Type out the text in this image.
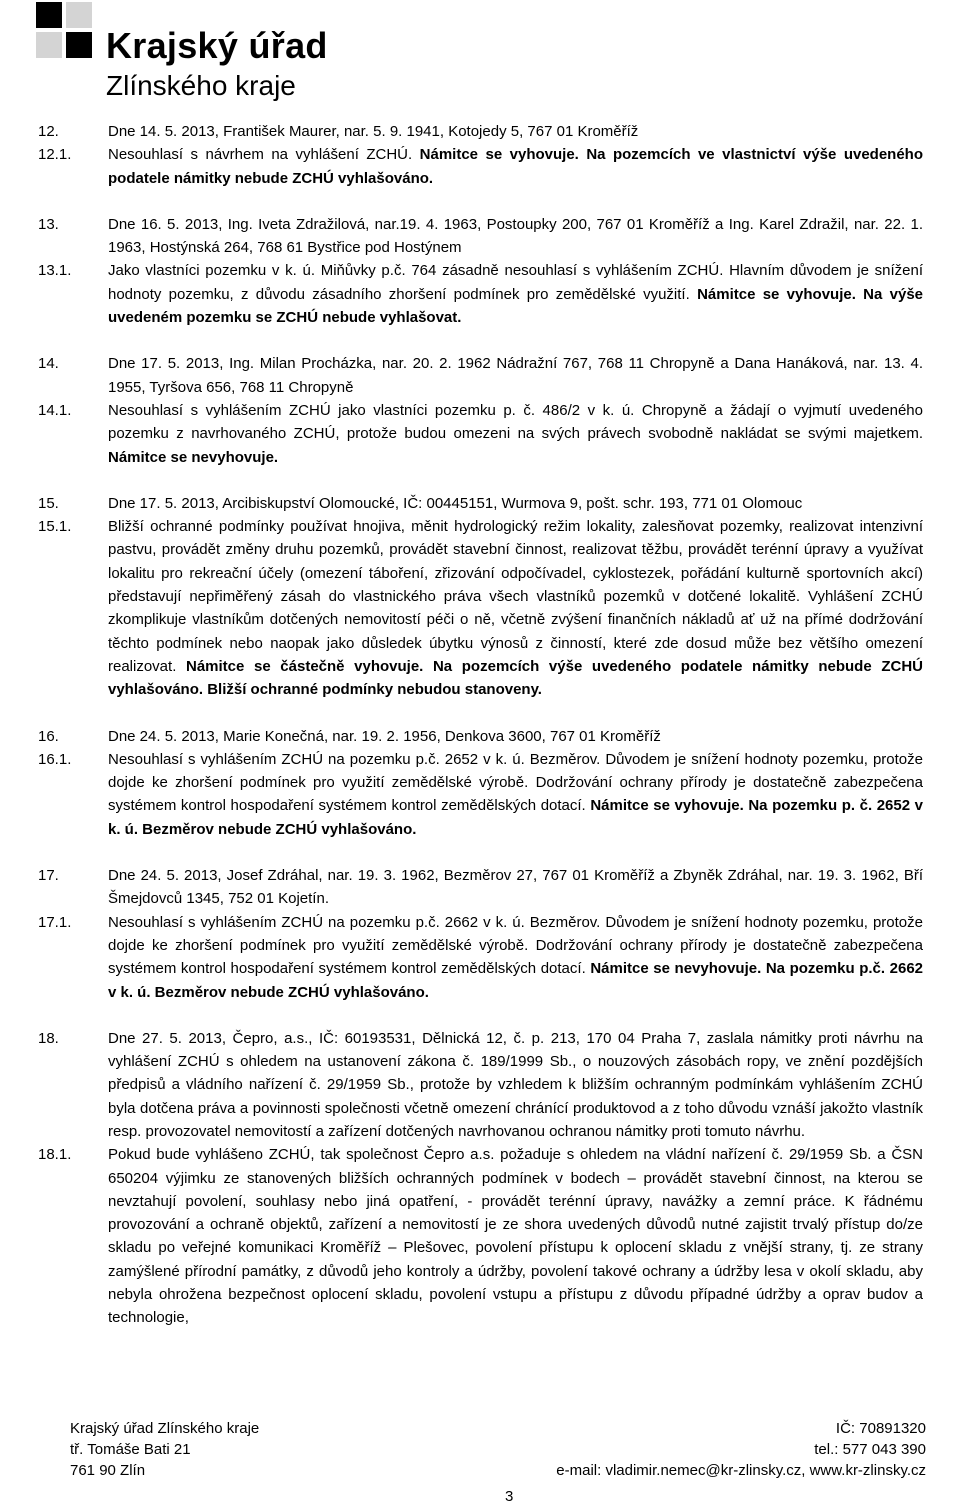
Krajský úřad
Zlínského kraje
12.	Dne 14. 5. 2013, František Maurer, nar. 5. 9. 1941, Kotojedy 5, 767 01 Kroměříž
12.1. Nesouhlasí s návrhem na vyhlášení ZCHÚ. Námitce se vyhovuje. Na pozemcích ve vlastnictví výše uvedeného podatele námitky nebude ZCHÚ vyhlašováno.
13.	Dne 16. 5. 2013, Ing. Iveta Zdražilová, nar.19. 4. 1963, Postoupky 200, 767 01 Kroměříž a Ing. Karel Zdražil, nar. 22. 1. 1963, Hostýnská 264, 768 61 Bystřice pod Hostýnem
13.1. Jako vlastníci pozemku v k. ú. Miňůvky p.č. 764 zásadně nesouhlasí s vyhlášením ZCHÚ. Hlavním důvodem je snížení hodnoty pozemku, z důvodu zásadního zhoršení podmínek pro zemědělské využití. Námitce se vyhovuje. Na výše uvedeném pozemku se ZCHÚ nebude vyhlašovat.
14.	Dne 17. 5. 2013, Ing. Milan Procházka, nar. 20. 2. 1962 Nádražní 767, 768 11 Chropyně a Dana Hanáková, nar. 13. 4. 1955, Tyršova 656, 768 11 Chropyně
14.1. Nesouhlasí s vyhlášením ZCHÚ jako vlastníci pozemku p. č. 486/2 v k. ú. Chropyně a žádají o vyjmutí uvedeného pozemku z navrhovaného ZCHÚ, protože budou omezeni na svých právech svobodně nakládat se svými majetkem. Námitce se nevyhovuje.
15.	Dne 17. 5. 2013, Arcibiskupství Olomoucké, IČ: 00445151, Wurmova 9, pošt. schr. 193, 771 01 Olomouc
15.1. Bližší ochranné podmínky používat hnojiva, měnit hydrologický režim lokality, zalesňovat pozemky, realizovat intenzivní pastvu, provádět změny druhu pozemků, provádět stavební činnost, realizovat těžbu, provádět terénní úpravy a využívat lokalitu pro rekreační účely (omezení táboření, zřizování odpočívadel, cyklostezek, pořádání kulturně sportovních akcí) představují nepřiměřený zásah do vlastnického práva všech vlastníků pozemků v dotčené lokalitě. Vyhlášení ZCHÚ zkomplikuje vlastníkům dotčených nemovitostí péči o ně, včetně zvýšení finančních nákladů ať už na přímé dodržování těchto podmínek nebo naopak jako důsledek úbytku výnosů z činností, které zde dosud může bez většího omezení realizovat. Námitce se částečně vyhovuje. Na pozemcích výše uvedeného podatele námitky nebude ZCHÚ vyhlašováno. Bližší ochranné podmínky nebudou stanoveny.
16.	Dne 24. 5. 2013, Marie Konečná, nar. 19. 2. 1956, Denkova 3600, 767 01 Kroměříž
16.1. Nesouhlasí s vyhlášením ZCHÚ na pozemku p.č. 2652 v k. ú. Bezměrov. Důvodem je snížení hodnoty pozemku, protože dojde ke zhoršení podmínek pro využití zemědělské výrobě. Dodržování ochrany přírody je dostatečně zabezpečena systémem kontrol hospodaření systémem kontrol zemědělských dotací. Námitce se vyhovuje. Na pozemku p. č. 2652 v k. ú. Bezměrov nebude ZCHÚ vyhlašováno.
17.	Dne 24. 5. 2013, Josef Zdráhal, nar. 19. 3. 1962, Bezměrov 27, 767 01 Kroměříž a Zbyněk Zdráhal, nar. 19. 3. 1962, Bří Šmejdovců 1345, 752 01 Kojetín.
17.1. Nesouhlasí s vyhlášením ZCHÚ na pozemku p.č. 2662 v k. ú. Bezměrov. Důvodem je snížení hodnoty pozemku, protože dojde ke zhoršení podmínek pro využití zemědělské výrobě. Dodržování ochrany přírody je dostatečně zabezpečena systémem kontrol hospodaření systémem kontrol zemědělských dotací. Námitce se nevyhovuje. Na pozemku p.č. 2662 v k. ú. Bezměrov nebude ZCHÚ vyhlašováno.
18.	Dne 27. 5. 2013, Čepro, a.s., IČ: 60193531, Dělnická 12, č. p. 213, 170 04 Praha 7, zaslala námitky proti návrhu na vyhlášení ZCHÚ s ohledem na ustanovení zákona č. 189/1999 Sb., o nouzových zásobách ropy, ve znění pozdějších předpisů a vládního nařízení č. 29/1959 Sb., protože by vzhledem k bližším ochranným podmínkám vyhlášením ZCHÚ byla dotčena práva a povinnosti společnosti včetně omezení chránící produktovod a z toho důvodu vznáší jakožto vlastník resp. provozovatel nemovitostí a zařízení dotčených navrhovanou ochranou námitky proti tomuto návrhu.
18.1. Pokud bude vyhlášeno ZCHÚ, tak společnost Čepro a.s. požaduje s ohledem na vládní nařízení č. 29/1959 Sb. a ČSN 650204 výjimku ze stanovených bližších ochranných podmínek v bodech – provádět stavební činnost, na kterou se nevztahují povolení, souhlasy nebo jiná opatření, - provádět terénní úpravy, navážky a zemní práce. K řádnému provozování a ochraně objektů, zařízení a nemovitostí je ze shora uvedených důvodů nutné zajistit trvalý přístup do/ze skladu po veřejné komunikaci Kroměříž – Plešovec, povolení přístupu k oplocení skladu z vnější strany, tj. ze strany zamýšlené přírodní památky, z důvodů jeho kontroly a údržby, povolení takové ochrany a údržby lesa v okolí skladu, aby nebyla ohrožena bezpečnost oplocení skladu, povolení vstupu a přístupu z důvodu případné údržby a oprav budov a technologie,
Krajský úřad Zlínského kraje
tř. Tomáše Bati 21
761 90 Zlín
IČ: 70891320
tel.: 577 043 390
e-mail: vladimir.nemec@kr-zlinsky.cz, www.kr-zlinsky.cz
3
